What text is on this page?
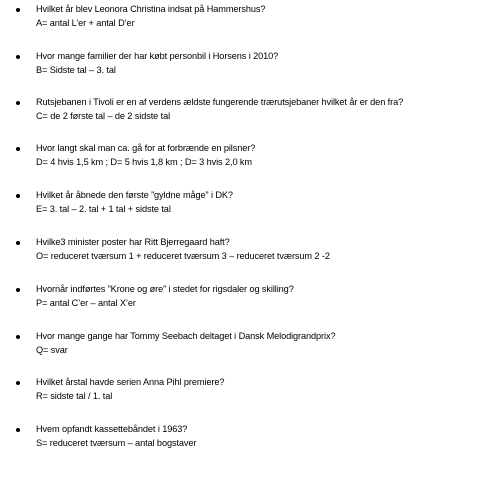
Hvilket år blev Leonora Christina indsat på Hammershus?
A= antal L’er + antal D’er
Hvor mange familier der har købt personbil i Horsens i 2010?
B= Sidste tal – 3. tal
Rutsjebanen i Tivoli er en af verdens ældste fungerende trærutsjebaner hvilket år er den fra?
C= de 2 første tal – de 2 sidste tal
Hvor langt skal man ca. gå for at forbrænde en pilsner?
D= 4 hvis 1,5 km ; D= 5 hvis 1,8 km ; D= 3 hvis 2,0 km
Hvilket år åbnede den første ”gyldne måge” i DK?
E= 3. tal – 2. tal + 1 tal + sidste tal
Hvilke3 minister poster har Ritt Bjerregaard haft?
O= reduceret tværsum 1 + reduceret tværsum 3 – reduceret tværsum 2 -2
Hvornår indførtes ”Krone og øre” i stedet for rigsdaler og skilling?
P= antal C’er – antal X’er
Hvor mange gange har Tommy Seebach deltaget i Dansk Melodigrandprix?
Q= svar
Hvilket årstal havde serien Anna Pihl premiere?
R= sidste tal / 1. tal
Hvem opfandt kassettebåndet i 1963?
S= reduceret tværsum – antal bogstaver
